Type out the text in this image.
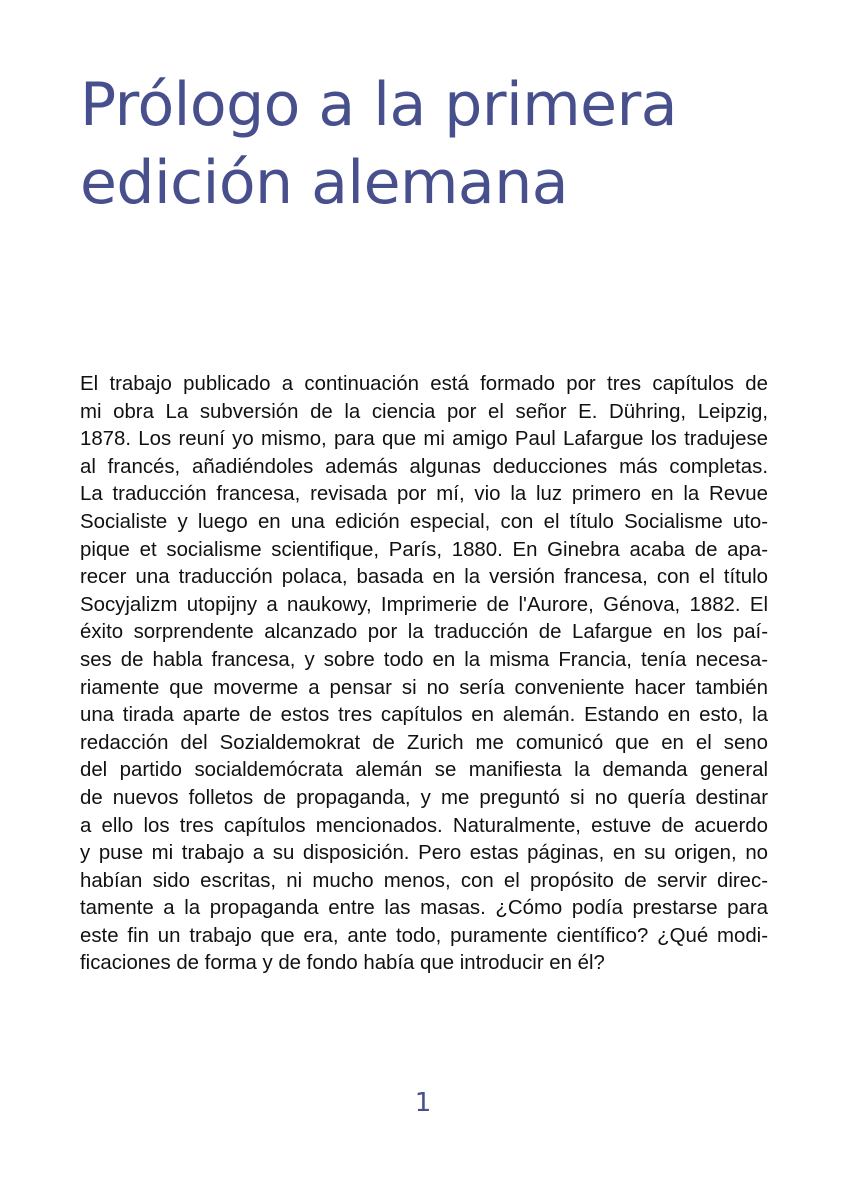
Prólogo a la primera
edición alemana
El trabajo publicado a continuación está formado por tres capítulos de
mi obra La subversión de la ciencia por el señor E. Dühring, Leipzig,
1878. Los reuní yo mismo, para que mi amigo Paul Lafargue los tradujese
al francés, añadiéndoles además algunas deducciones más completas.
La traducción francesa, revisada por mí, vio la luz primero en la Revue
Socialiste y luego en una edición especial, con el título Socialisme uto-
pique et socialisme scientifique, París, 1880. En Ginebra acaba de apa-
recer una traducción polaca, basada en la versión francesa, con el título
Socyjalizm utopijny a naukowy, Imprimerie de l'Aurore, Génova, 1882. El
éxito sorprendente alcanzado por la traducción de Lafargue en los paí-
ses de habla francesa, y sobre todo en la misma Francia, tenía necesa-
riamente que moverme a pensar si no sería conveniente hacer también
una tirada aparte de estos tres capítulos en alemán. Estando en esto, la
redacción del Sozialdemokrat de Zurich me comunicó que en el seno
del partido socialdemócrata alemán se manifiesta la demanda general
de nuevos folletos de propaganda, y me preguntó si no quería destinar
a ello los tres capítulos mencionados. Naturalmente, estuve de acuerdo
y puse mi trabajo a su disposición. Pero estas páginas, en su origen, no
habían sido escritas, ni mucho menos, con el propósito de servir direc-
tamente a la propaganda entre las masas. ¿Cómo podía prestarse para
este fin un trabajo que era, ante todo, puramente científico? ¿Qué modi-
ficaciones de forma y de fondo había que introducir en él?
1
